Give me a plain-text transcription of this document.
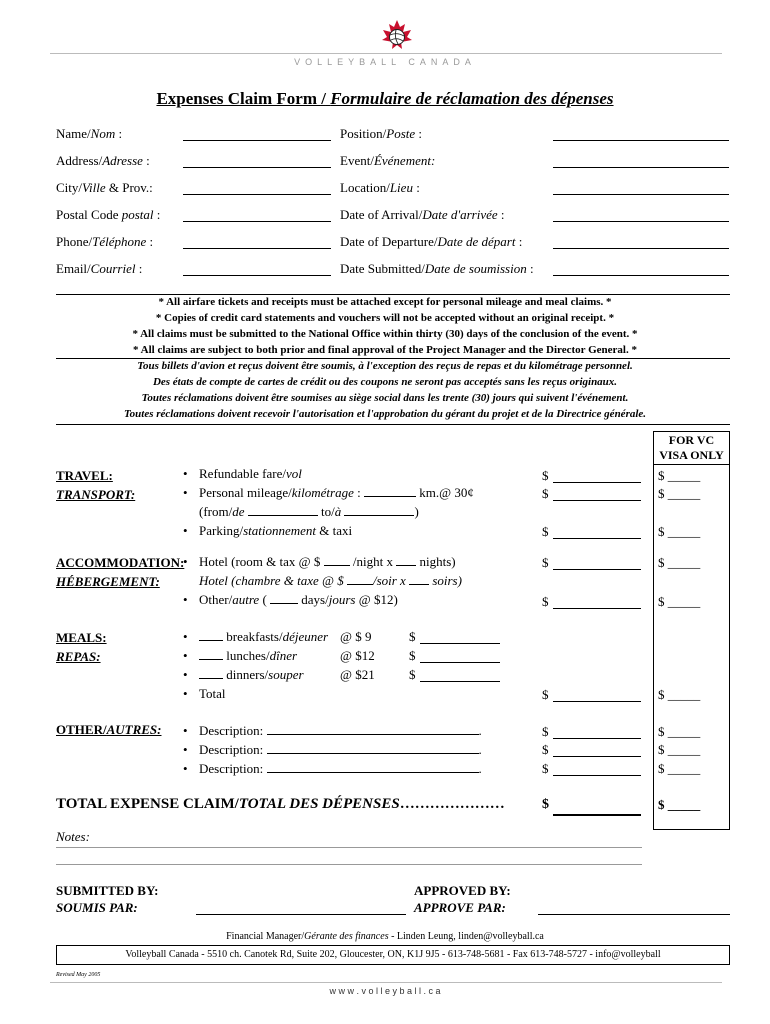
VOLLEYBALL CANADA
Expenses Claim Form / Formulaire de réclamation des dépenses
Name/Nom :
Address/Adresse :
City/Ville & Prov.:
Postal Code postal :
Phone/Téléphone :
Email/Courriel :
Position/Poste :
Event/Événement:
Location/Lieu :
Date of Arrival/Date d'arrivée :
Date of Departure/Date de départ :
Date Submitted/Date de soumission :
* All airfare tickets and receipts must be attached except for personal mileage and meal claims. *
* Copies of credit card statements and vouchers will not be accepted without an original receipt. *
* All claims must be submitted to the National Office within thirty (30) days of the conclusion of the event. *
* All claims are subject to both prior and final approval of the Project Manager and the Director General. *
Tous billets d'avion et reçus doivent être soumis, à l'exception des reçus de repas et du kilométrage personnel.
Des états de compte de cartes de crédit ou des coupons ne seront pas acceptés sans les reçus originaux.
Toutes réclamations doivent être soumises au siège social dans les trente (30) jours qui suivent l'événement.
Toutes réclamations doivent recevoir l'autorisation et l'approbation du gérant du projet et de la Directrice générale.
FOR VC
VISA ONLY
TRAVEL:
TRANSPORT:
• Refundable fare/vol
• Personal mileage/kilométrage :	km.@ 30¢
(from/de	to/à	)
• Parking/stationnement & taxi
$
$
$
$ _____
$ _____
$ _____
ACCOMMODATION:
HÉBERGEMENT:
• Hotel (room & tax @ $	/night x nights)
Hotel (chambre & taxe @ $ /soir x soirs)
• Other/autre (	days/jours @ $12)
$
$
$ _____
$ _____
MEALS:
REPAS:
• breakfasts/déjeuner @ $ 9
• lunches/dîner	@ $12
• dinners/souper	@ $21
• Total
$
$
$
$	$ _____
OTHER/AUTRES:
•	Description:	.
• Description:	.
• Description:	.
$
$
$
$ _____
$ _____
$ _____
TOTAL EXPENSE CLAIM/TOTAL DES DÉPENSES…………………	$	$ _____
Notes:
SUBMITTED BY:
SOUMIS PAR:
APPROVED BY:
APPROVE PAR:
Financial Manager/Gérante des finances - Linden Leung, linden@volleyball.ca
Volleyball Canada - 5510 ch. Canotek Rd, Suite 202, Gloucester, ON, K1J 9J5 - 613-748-5681 - Fax 613-748-5727 - info@volleyball
Revised May 2005
w w w . v o l l e y b a l l . c a
